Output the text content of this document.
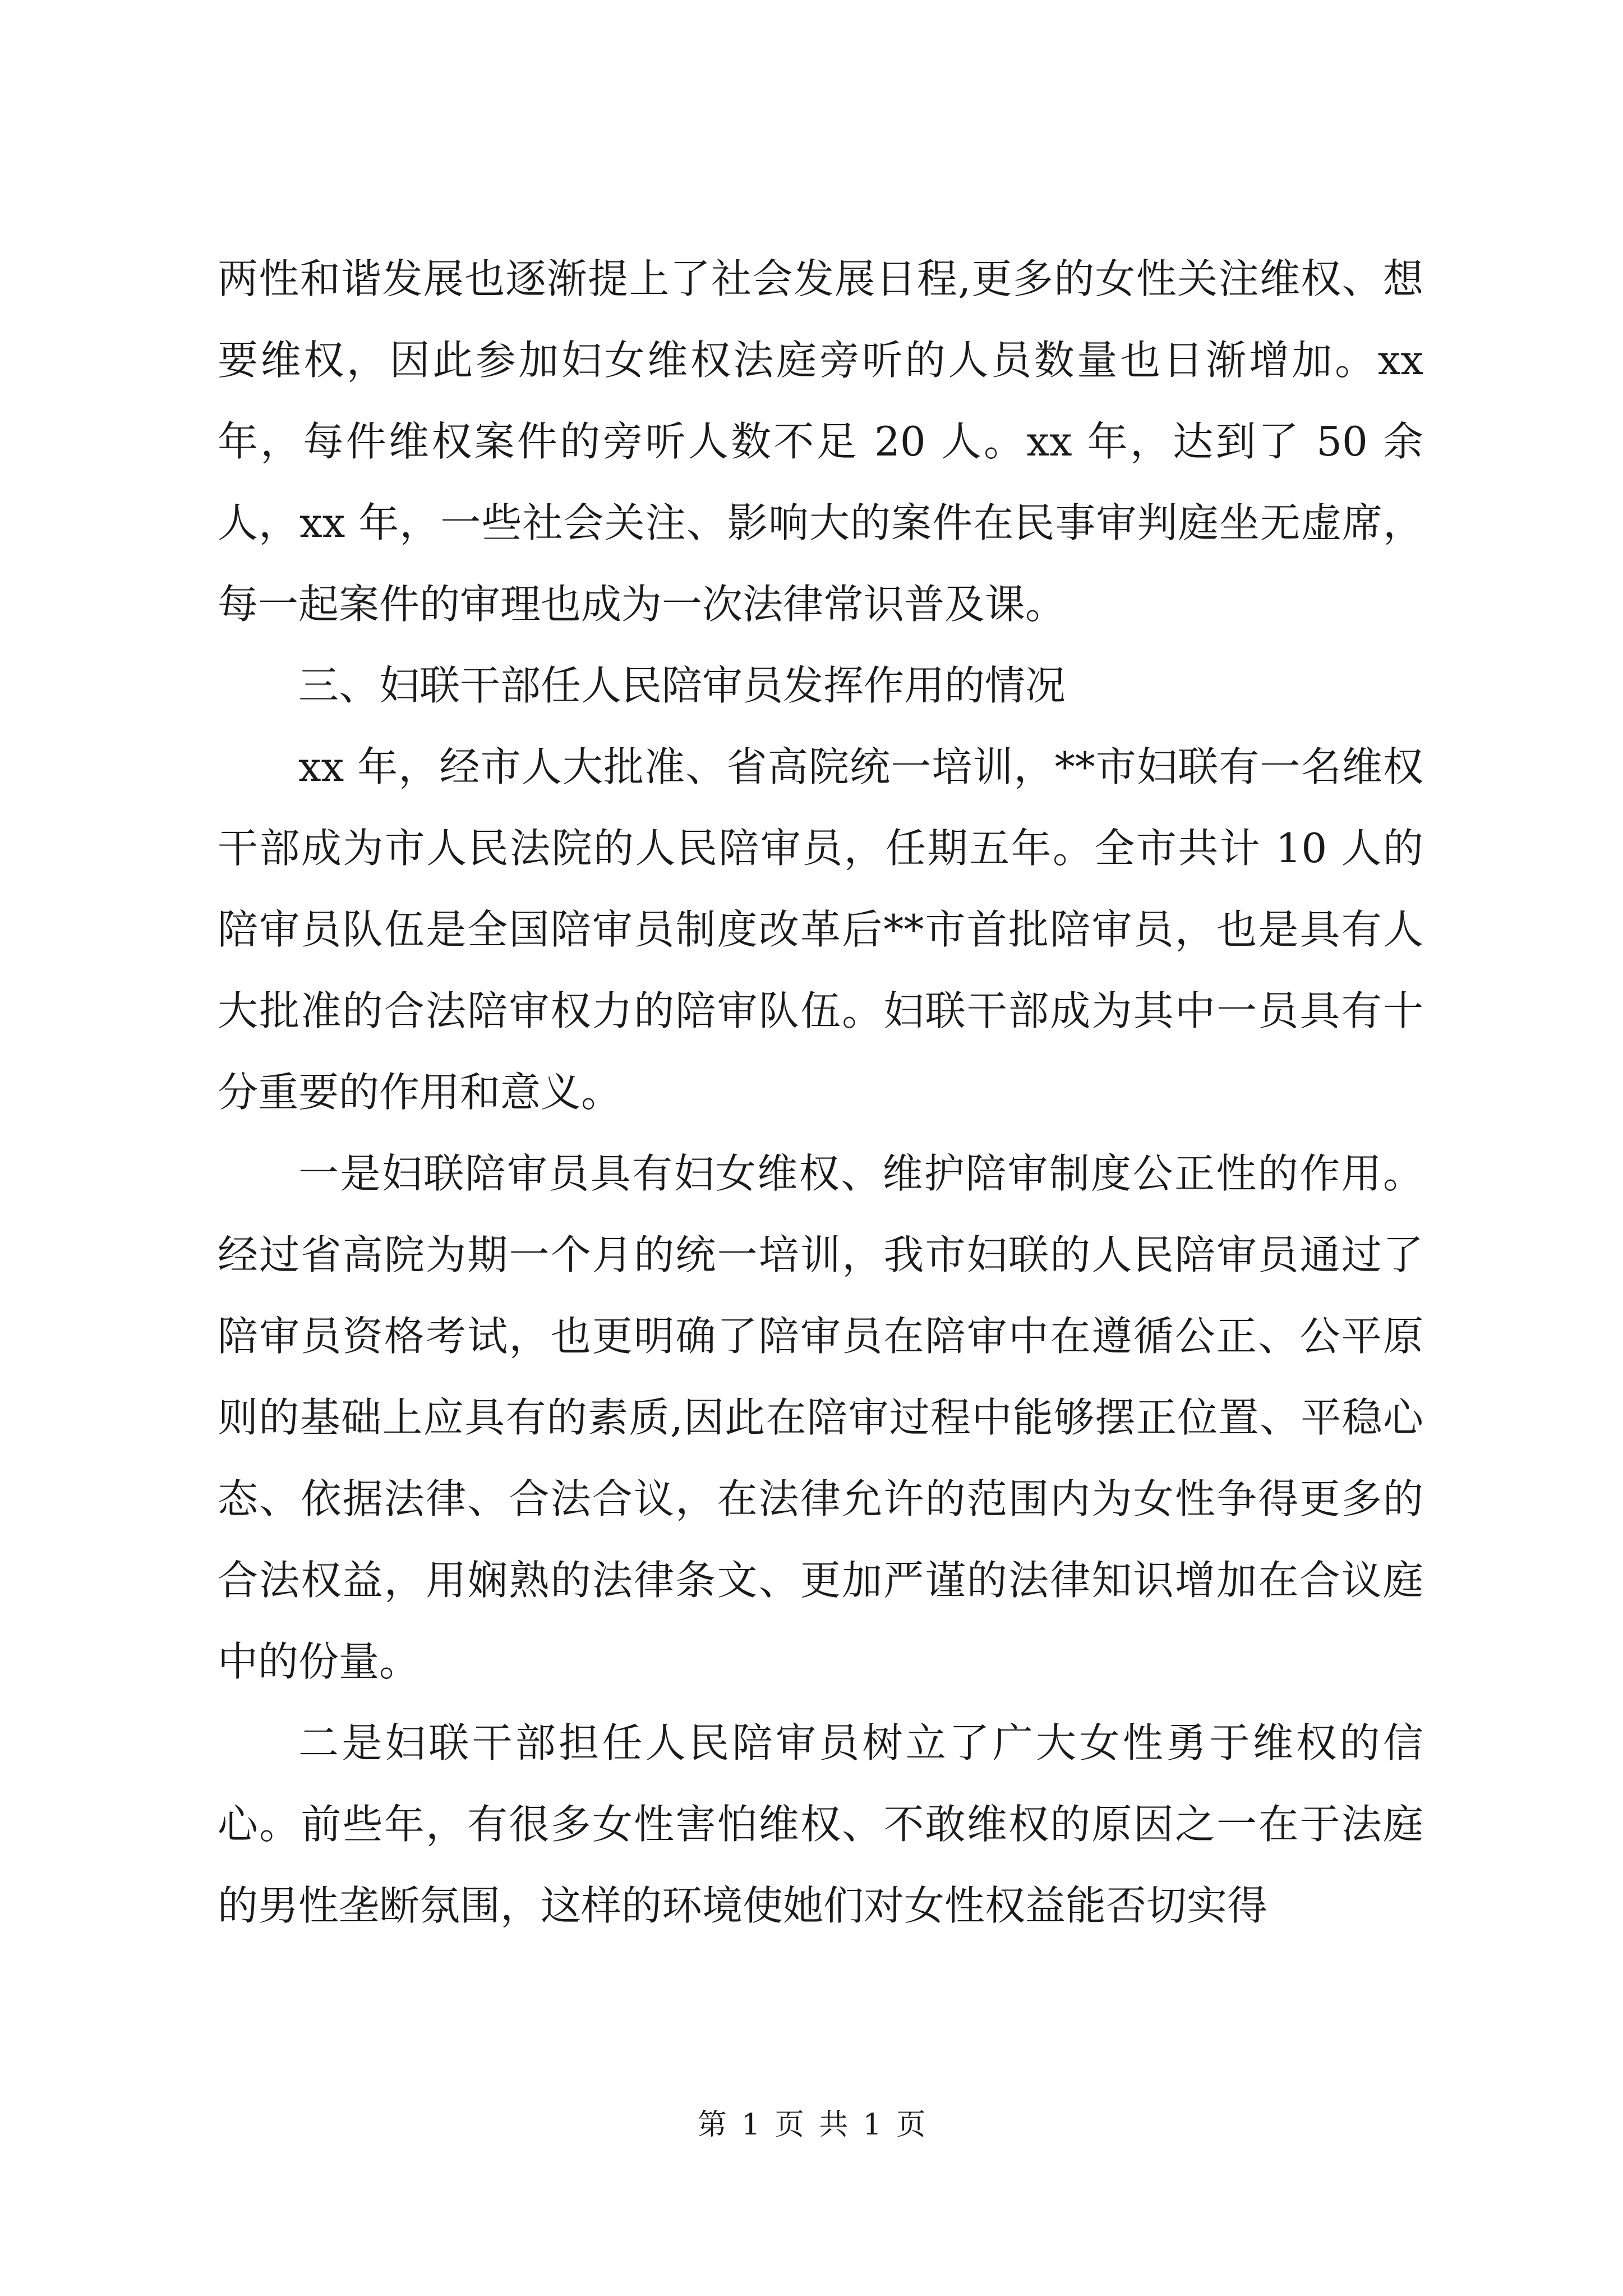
两性和谐发展也逐渐提上了社会发展日程,更多的女性关注维权、想要维权，因此参加妇女维权法庭旁听的人员数量也日渐增加。xx 年，每件维权案件的旁听人数不足 20 人。xx 年，达到了 50 余人，xx 年，一些社会关注、影响大的案件在民事审判庭坐无虚席，每一起案件的审理也成为一次法律常识普及课。

三、妇联干部任人民陪审员发挥作用的情况

xx 年，经市人大批准、省高院统一培训，**市妇联有一名维权干部成为市人民法院的人民陪审员，任期五年。全市共计 10 人的陪审员队伍是全国陪审员制度改革后**市首批陪审员，也是具有人大批准的合法陪审权力的陪审队伍。妇联干部成为其中一员具有十分重要的作用和意义。

一是妇联陪审员具有妇女维权、维护陪审制度公正性的作用。经过省高院为期一个月的统一培训，我市妇联的人民陪审员通过了陪审员资格考试，也更明确了陪审员在陪审中在遵循公正、公平原则的基础上应具有的素质,因此在陪审过程中能够摆正位置、平稳心态、依据法律、合法合议，在法律允许的范围内为女性争得更多的合法权益，用娴熟的法律条文、更加严谨的法律知识增加在合议庭中的份量。

二是妇联干部担任人民陪审员树立了广大女性勇于维权的信心。前些年，有很多女性害怕维权、不敢维权的原因之一在于法庭的男性垄断氛围，这样的环境使她们对女性权益能否切实得

第 1 页 共 1 页
